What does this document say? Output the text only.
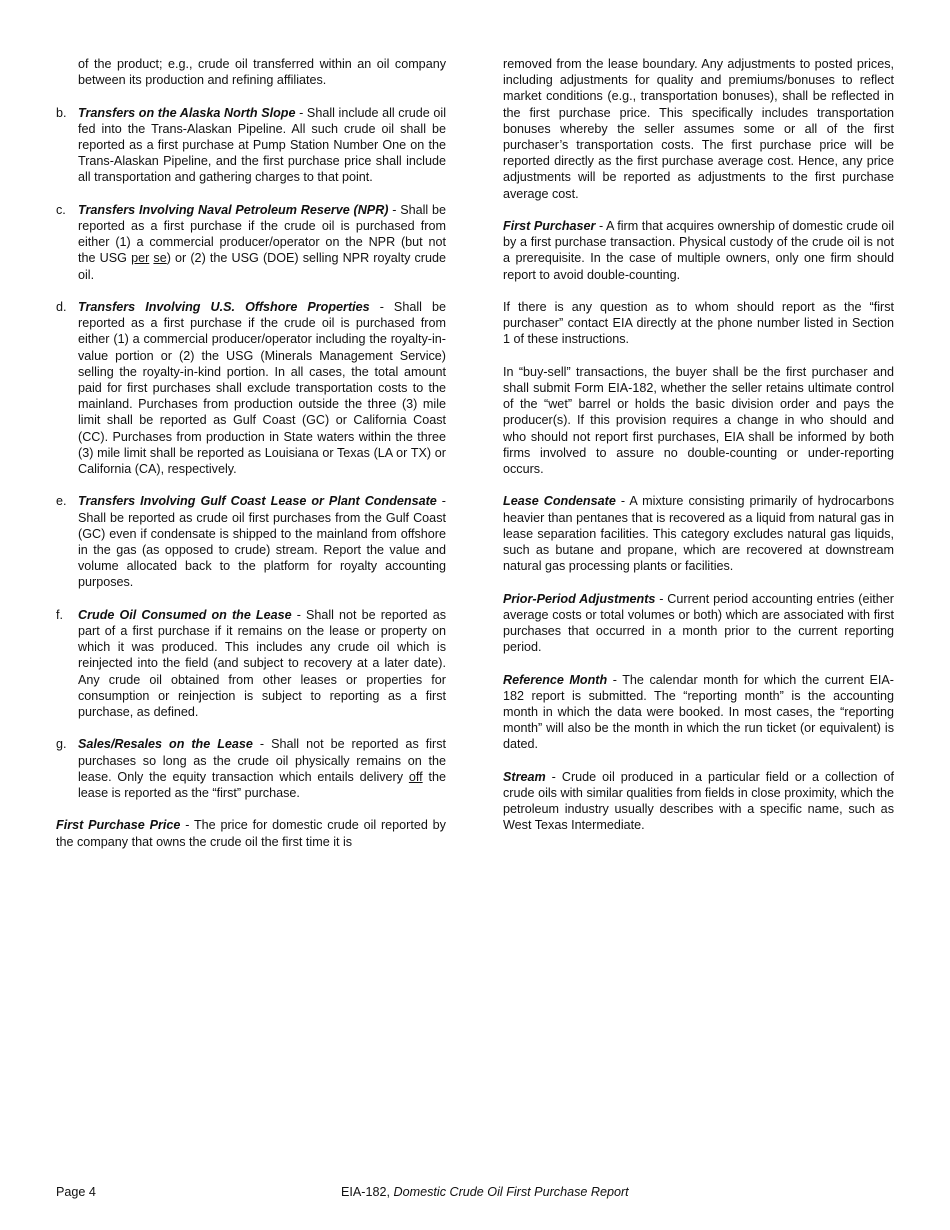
of the product; e.g., crude oil transferred within an oil company between its production and refining affiliates.

b. Transfers on the Alaska North Slope - Shall include all crude oil fed into the Trans-Alaskan Pipeline. All such crude oil shall be reported as a first purchase at Pump Station Number One on the Trans-Alaskan Pipeline, and the first purchase price shall include all transportation and gathering charges to that point.
c. Transfers Involving Naval Petroleum Reserve (NPR) - Shall be reported as a first purchase if the crude oil is purchased from either (1) a commercial producer/operator on the NPR (but not the USG per se) or (2) the USG (DOE) selling NPR royalty crude oil.
d. Transfers Involving U.S. Offshore Properties - Shall be reported as a first purchase if the crude oil is purchased from either (1) a commercial producer/operator including the royalty-in-value portion or (2) the USG (Minerals Management Service) selling the royalty-in-kind portion. In all cases, the total amount paid for first purchases shall exclude transportation costs to the mainland. Purchases from production outside the three (3) mile limit shall be reported as Gulf Coast (GC) or California Coast (CC). Purchases from production in State waters within the three (3) mile limit shall be reported as Louisiana or Texas (LA or TX) or California (CA), respectively.
e. Transfers Involving Gulf Coast Lease or Plant Condensate - Shall be reported as crude oil first purchases from the Gulf Coast (GC) even if condensate is shipped to the mainland from offshore in the gas (as opposed to crude) stream. Report the value and volume allocated back to the platform for royalty accounting purposes.
f.	Crude Oil Consumed on the Lease - Shall not be reported as part of a first purchase if it remains on the lease or property on which it was produced. This includes any crude oil which is reinjected into the field (and subject to recovery at a later date). Any crude oil obtained from other leases or properties for consumption or reinjection is subject to reporting as a first purchase, as defined.
g. Sales/Resales on the Lease - Shall not be reported as first purchases so long as the crude oil physically remains on the lease. Only the equity transaction which entails delivery off the lease is reported as the “first” purchase.

First Purchase Price - The price for domestic crude oil reported by the company that owns the crude oil the first time it is

removed from the lease boundary. Any adjustments to posted prices, including adjustments for quality and premiums/bonuses to reflect market conditions (e.g., transportation bonuses), shall be reflected in the first purchase price. This specifically includes transportation bonuses whereby the seller assumes some or all of the first purchaser’s transportation costs. The first purchase price will be reported directly as the first purchase average cost. Hence, any price adjustments will be reported as adjustments to the first purchase average cost.

First Purchaser - A firm that acquires ownership of domestic crude oil by a first purchase transaction. Physical custody of the crude oil is not a prerequisite. In the case of multiple owners, only one firm should report to avoid double-counting.

If there is any question as to whom should report as the “first purchaser” contact EIA directly at the phone number listed in Section 1 of these instructions.

In “buy-sell” transactions, the buyer shall be the first purchaser and shall submit Form EIA-182, whether the seller retains ultimate control of the “wet” barrel or holds the basic division order and pays the producer(s). If this provision requires a change in who should and who should not report first purchases, EIA shall be informed by both firms involved to assure no double-counting or under-reporting occurs.

Lease Condensate - A mixture consisting primarily of hydrocarbons heavier than pentanes that is recovered as a liquid from natural gas in lease separation facilities. This category excludes natural gas liquids, such as butane and propane, which are recovered at downstream natural gas processing plants or facilities.

Prior-Period Adjustments - Current period accounting entries (either average costs or total volumes or both) which are associated with first purchases that occurred in a month prior to the current reporting period.

Reference Month - The calendar month for which the current EIA-182 report is submitted. The “reporting month” is the accounting month in which the data were booked. In most cases, the “reporting month” will also be the month in which the run ticket (or equivalent) is dated.

Stream - Crude oil produced in a particular field or a collection of crude oils with similar qualities from fields in close proximity, which the petroleum industry usually describes with a specific name, such as West Texas Intermediate.

Page 4	EIA-182, Domestic Crude Oil First Purchase Report
